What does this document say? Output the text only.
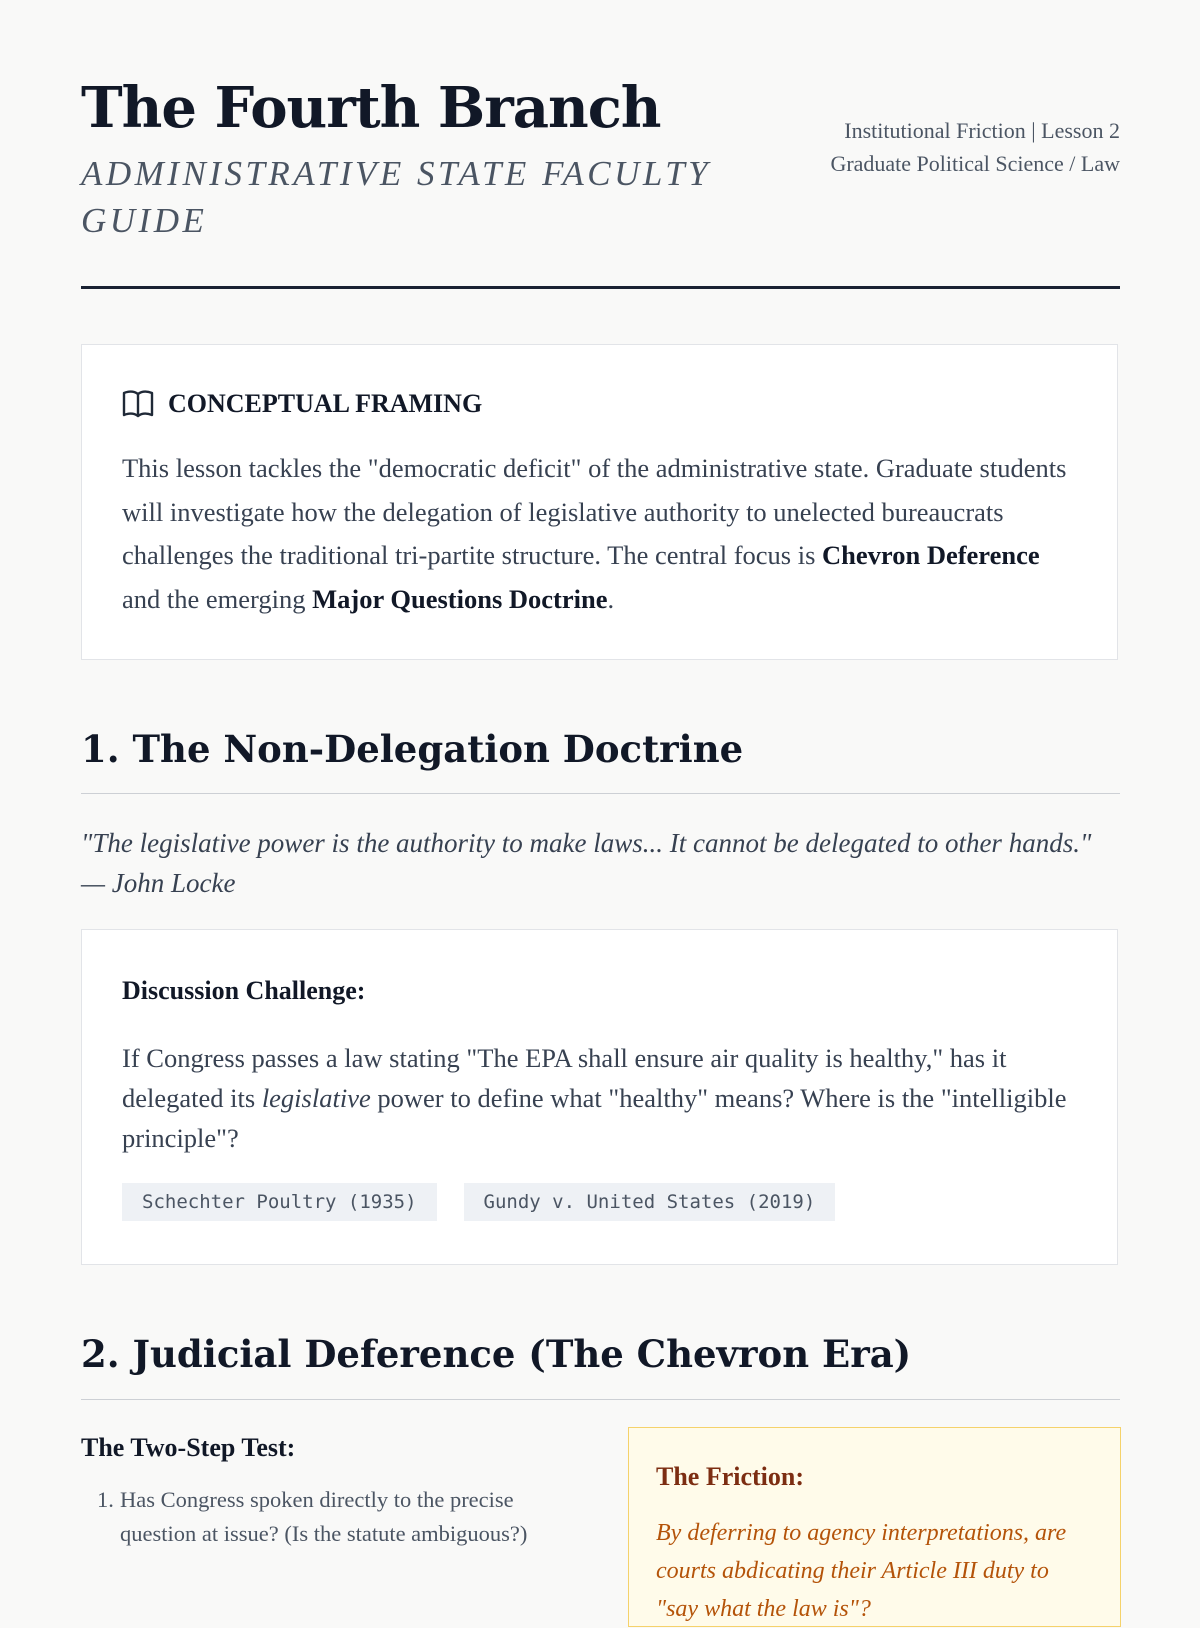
The Fourth Branch

ADMINISTRATIVE STATE FACULTY GUIDE

Institutional Friction | Lesson 2
Graduate Political Science / Law
CONCEPTUAL FRAMING

This lesson tackles the "democratic deficit" of the administrative state. Graduate students will investigate how the delegation of legislative authority to unelected bureaucrats challenges the traditional tri-partite structure. The central focus is Chevron Deference and the emerging Major Questions Doctrine.

1. The Non-Delegation Doctrine

"The legislative power is the authority to make laws... It cannot be delegated to other hands." — John Locke

Discussion Challenge:

If Congress passes a law stating "The EPA shall ensure air quality is healthy," has it delegated its legislative power to define what "healthy" means? Where is the "intelligible principle"?

Schechter Poultry (1935)	Gundy v. United States (2019)
2. Judicial Deference (The Chevron Era)
The Two-Step Test:
1. Has Congress spoken directly to the precise question at issue? (Is the statute ambiguous?)
The Friction:

By deferring to agency interpretations, are courts abdicating their Article III duty to "say what the law is"?
